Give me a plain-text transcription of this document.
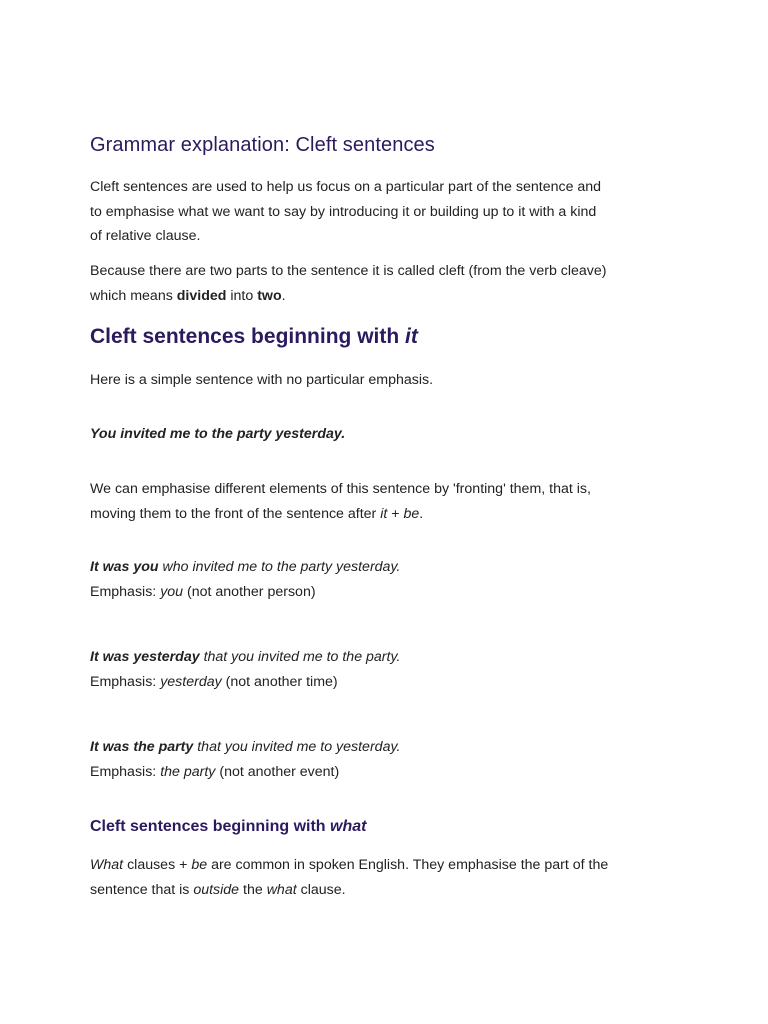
Grammar explanation: Cleft sentences

Cleft sentences are used to help us focus on a particular part of the sentence and
to emphasise what we want to say by introducing it or building up to it with a kind
of relative clause.

Because there are two parts to the sentence it is called cleft (from the verb cleave)
which means divided into two.

Cleft sentences beginning with it

Here is a simple sentence with no particular emphasis.

You invited me to the party yesterday.

We can emphasise different elements of this sentence by 'fronting' them, that is,
moving them to the front of the sentence after it + be.

It was you who invited me to the party yesterday.
Emphasis: you (not another person)

It was yesterday that you invited me to the party.
Emphasis: yesterday (not another time)

It was the party that you invited me to yesterday.
Emphasis: the party (not another event)

Cleft sentences beginning with what

What clauses + be are common in spoken English. They emphasise the part of the
sentence that is outside the what clause.
